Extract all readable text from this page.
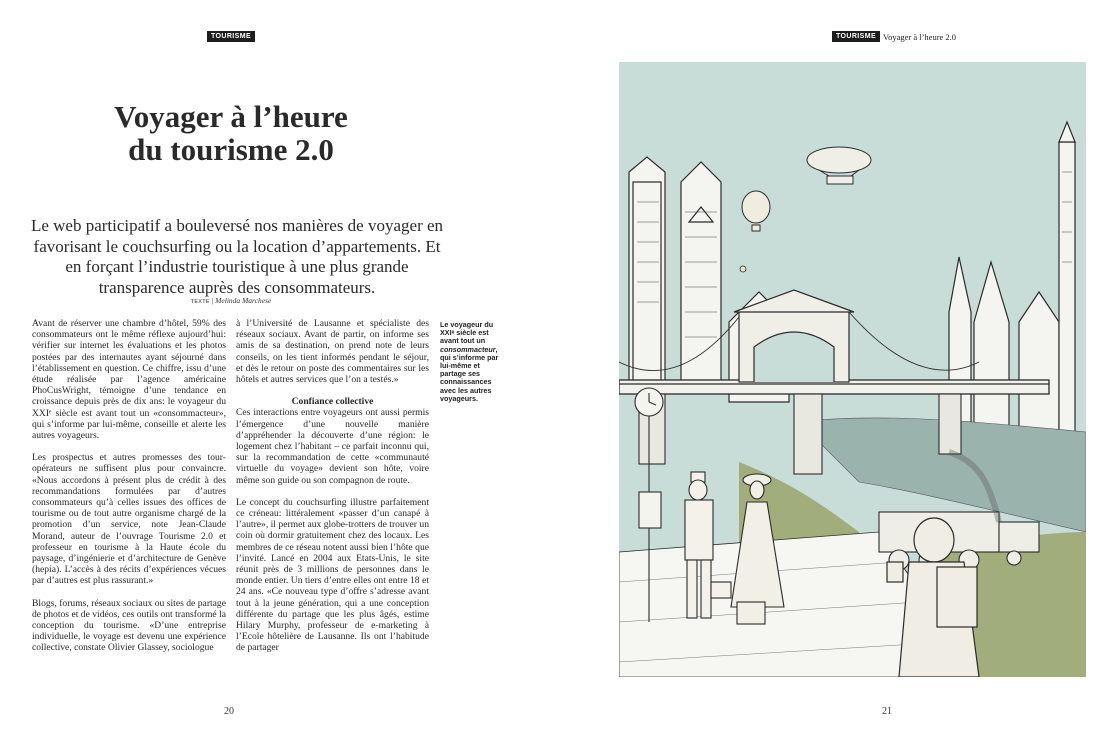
TOURISME
Voyager à l’heure
du tourisme 2.0

Le web participatif a bouleversé nos manières de voyager en favorisant le couchsurfing ou la location d’appartements. Et en forçant l’industrie touristique à une plus grande transparence auprès des consommateurs.

TEXTE | Melinda Marchese

Avant de réserver une chambre d’hôtel, 59% des consommateurs ont le même réflexe aujourd’hui: vérifier sur internet les évaluations et les photos postées par des internautes ayant séjourné dans l’établissement en question. Ce chiffre, issu d’une étude réalisée par l’agence américaine PhoCusWright, témoigne d’une tendance en croissance depuis près de dix ans: le voyageur du XXIᵉ siècle est avant tout un «consommacteur», qui s’informe par lui-même, conseille et alerte les autres voyageurs.

Les prospectus et autres promesses des tour-opérateurs ne suffisent plus pour convaincre. «Nous accordons à présent plus de crédit à des recommandations formulées par d’autres consommateurs qu’à celles issues des offices de tourisme ou de tout autre organisme chargé de la promotion d’un service, note Jean-Claude Morand, auteur de l’ouvrage Tourisme 2.0 et professeur en tourisme à la Haute école du paysage, d’ingénierie et d’architecture de Genève (hepia). L’accès à des récits d’expériences vécues par d’autres est plus rassurant.»

Blogs, forums, réseaux sociaux ou sites de partage de photos et de vidéos, ces outils ont transformé la conception du tourisme. «D’une entreprise individuelle, le voyage est devenu une expérience collective, constate Olivier Glassey, sociologue

à l’Université de Lausanne et spécialiste des réseaux sociaux. Avant de partir, on informe ses amis de sa destination, on prend note de leurs conseils, on les tient informés pendant le séjour, et dès le retour on poste des commentaires sur les hôtels et autres services que l’on a testés.»

Confiance collective

Ces interactions entre voyageurs ont aussi permis l’émergence d’une nouvelle manière d’appréhender la découverte d’une région: le logement chez l’habitant – ce parfait inconnu qui, sur la recommandation de cette «communauté virtuelle du voyage» devient son hôte, voire même son guide ou son compagnon de route.

Le concept du couchsurfing illustre parfaitement ce créneau: littéralement «passer d’un canapé à l’autre», il permet aux globe-trotters de trouver un coin où dormir gratuitement chez des locaux. Les membres de ce réseau notent aussi bien l’hôte que l’invité. Lancé en 2004 aux Etats-Unis, le site réunit près de 3 millions de personnes dans le monde entier. Un tiers d’entre elles ont entre 18 et 24 ans. «Ce nouveau type d’offre s’adresse avant tout à la jeune génération, qui a une conception différente du partage que les plus âgés, estime Hilary Murphy, professeur de e-marketing à l’Ecole hôtelière de Lausanne. Ils ont l’habitude de partager

Le voyageur du XXIᵉ siècle est avant tout un consommacteur, qui s’informe par lui-même et partage ses connaissances avec les autres voyageurs.
20
TOURISME Voyager à l’heure 2.0
21
